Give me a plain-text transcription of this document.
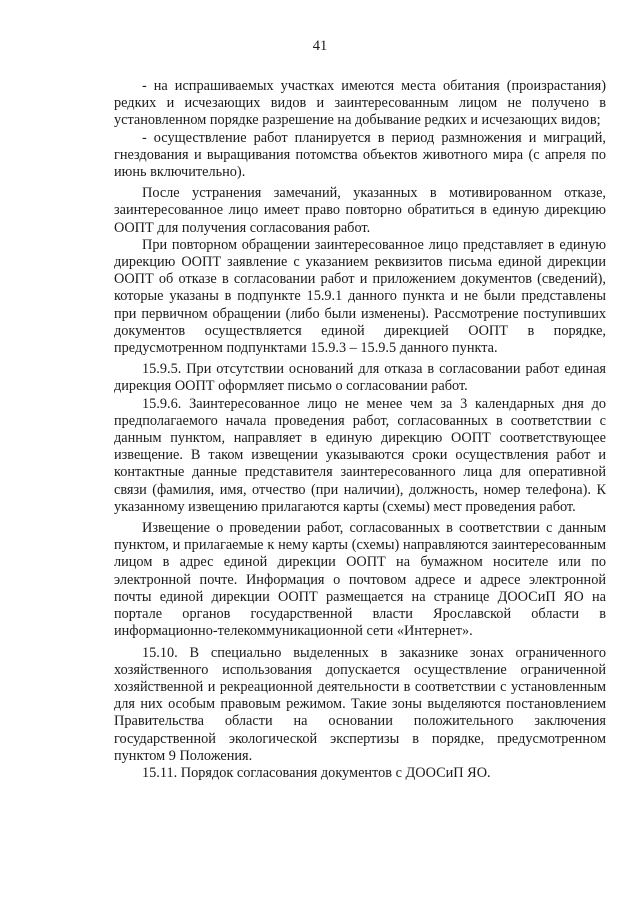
41

- на испрашиваемых участках имеются места обитания (произрастания) редких и исчезающих видов и заинтересованным лицом не получено в установленном порядке разрешение на добывание редких и исчезающих видов;

- осуществление работ планируется в период размножения и миграций, гнездования и выращивания потомства объектов животного мира (с апреля по июнь включительно).

После устранения замечаний, указанных в мотивированном отказе, заинтересованное лицо имеет право повторно обратиться в единую дирекцию ООПТ для получения согласования работ.

При повторном обращении заинтересованное лицо представляет в единую дирекцию ООПТ заявление с указанием реквизитов письма единой дирекции ООПТ об отказе в согласовании работ и приложением документов (сведений), которые указаны в подпункте 15.9.1 данного пункта и не были представлены при первичном обращении (либо были изменены). Рассмотрение поступивших документов осуществляется единой дирекцией ООПТ в порядке, предусмотренном подпунктами 15.9.3 – 15.9.5 данного пункта.

15.9.5. При отсутствии оснований для отказа в согласовании работ единая дирекция ООПТ оформляет письмо о согласовании работ.

15.9.6. Заинтересованное лицо не менее чем за 3 календарных дня до предполагаемого начала проведения работ, согласованных в соответствии с данным пунктом, направляет в единую дирекцию ООПТ соответствующее извещение. В таком извещении указываются сроки осуществления работ и контактные данные представителя заинтересованного лица для оперативной связи (фамилия, имя, отчество (при наличии), должность, номер телефона). К указанному извещению прилагаются карты (схемы) мест проведения работ.

Извещение о проведении работ, согласованных в соответствии с данным пунктом, и прилагаемые к нему карты (схемы) направляются заинтересованным лицом в адрес единой дирекции ООПТ на бумажном носителе или по электронной почте. Информация о почтовом адресе и адресе электронной почты единой дирекции ООПТ размещается на странице ДООСиП ЯО на портале органов государственной власти Ярославской области в информационно-телекоммуникационной сети «Интернет».

15.10. В специально выделенных в заказнике зонах ограниченного хозяйственного использования допускается осуществление ограниченной хозяйственной и рекреационной деятельности в соответствии с установленным для них особым правовым режимом. Такие зоны выделяются постановлением Правительства области на основании положительного заключения государственной экологической экспертизы в порядке, предусмотренном пунктом 9 Положения.

15.11. Порядок согласования документов с ДООСиП ЯО.
